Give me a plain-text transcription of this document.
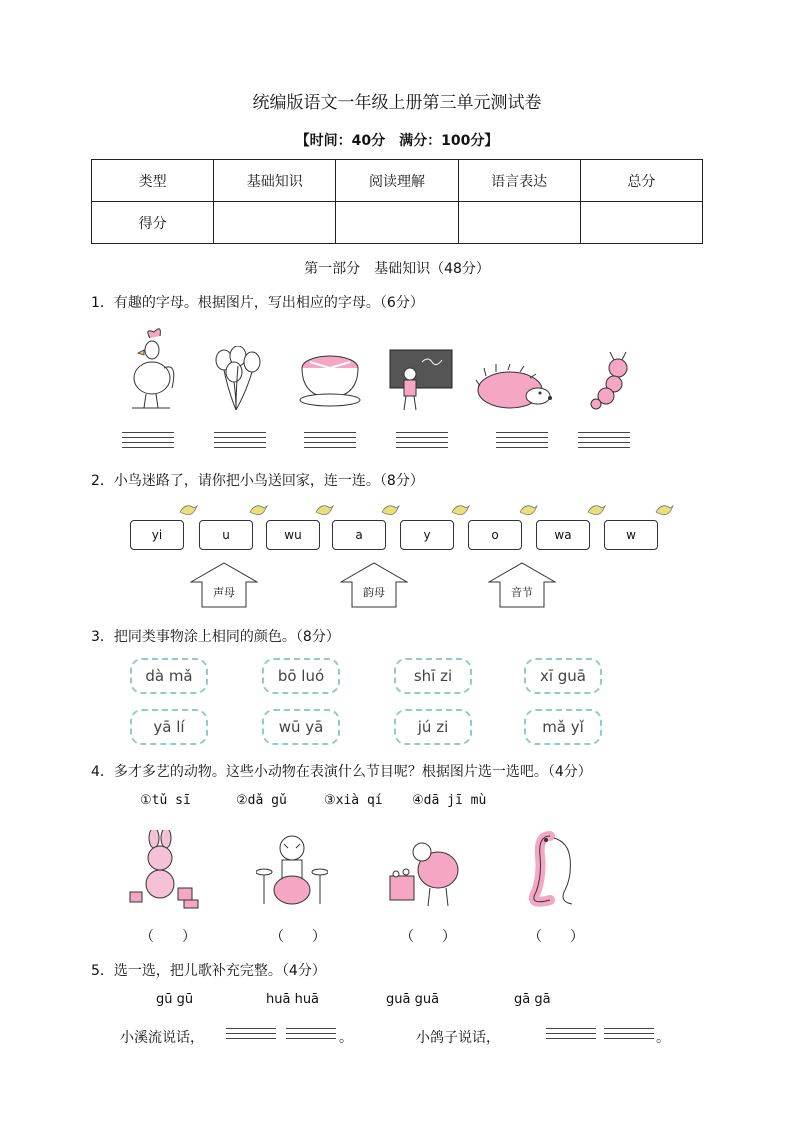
统编版语文一年级上册第三单元测试卷
【时间：40分　满分：100分】
类型	基础知识	阅读理解	语言表达	总分
得分				
第一部分　基础知识（48分）
1．有趣的字母。根据图片，写出相应的字母。（6分）
2．小鸟迷路了，请你把小鸟送回家，连一连。（8分）
yi	u	wu	a	y	o	wa	w
声母	韵母	音节
3．把同类事物涂上相同的颜色。（8分）
dà mǎ	bō luó	shī zi	xī guā
yā lí	wū yā	jú zi	mǎ yǐ
4．多才多艺的动物。这些小动物在表演什么节目呢？根据图片选一选吧。（4分）
①tǔ sī	②dǎ gǔ	③xià qí ④dā jī mù
（　　）	（　　）	（　　）	（　　）
5．选一选，把儿歌补充完整。（4分）
gū gū	huā huā	guā guā	gā gā
小溪流说话，	。	小鸽子说话，	。
